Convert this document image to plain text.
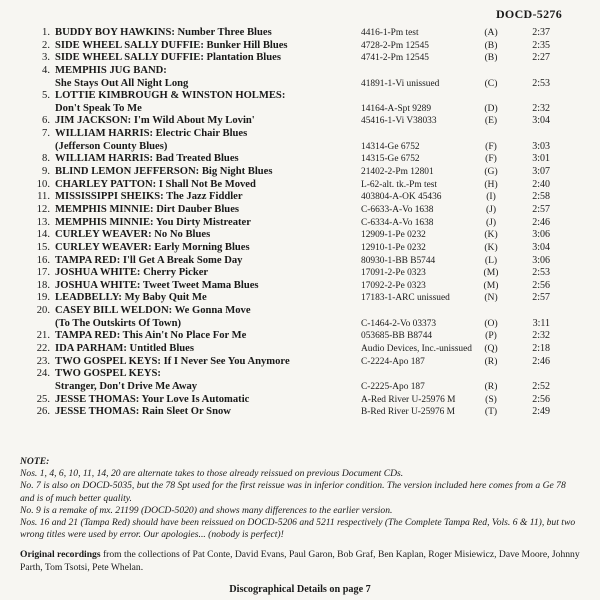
DOCD-5276
1. BUDDY BOY HAWKINS: Number Three Blues	4416-1-Pm test	(A)	2:37
2. SIDE WHEEL SALLY DUFFIE: Bunker Hill Blues	4728-2-Pm 12545	(B)	2:35
3. SIDE WHEEL SALLY DUFFIE: Plantation Blues	4741-2-Pm 12545	(B)	2:27
4. MEMPHIS JUG BAND:
She Stays Out All Night Long	41891-1-Vi unissued	(C)	2:53
5. LOTTIE KIMBROUGH & WINSTON HOLMES:
Don't Speak To Me	14164-A-Spt 9289	(D)	2:32
6. JIM JACKSON: I'm Wild About My Lovin'	45416-1-Vi V38033	(E)	3:04
7. WILLIAM HARRIS: Electric Chair Blues
(Jefferson County Blues)	14314-Ge 6752	(F)	3:03
8. WILLIAM HARRIS: Bad Treated Blues	14315-Ge 6752	(F)	3:01
9. BLIND LEMON JEFFERSON: Big Night Blues	21402-2-Pm 12801	(G)	3:07
10. CHARLEY PATTON: I Shall Not Be Moved	L-62-alt. tk.-Pm test	(H)	2:40
11. MISSISSIPPI SHEIKS: The Jazz Fiddler	403804-A-OK 45436	(I)	2:58
12. MEMPHIS MINNIE: Dirt Dauber Blues	C-6633-A-Vo 1638	(J)	2:57
13. MEMPHIS MINNIE: You Dirty Mistreater	C-6334-A-Vo 1638	(J)	2:46
14. CURLEY WEAVER: No No Blues	12909-1-Pe 0232	(K)	3:06
15. CURLEY WEAVER: Early Morning Blues	12910-1-Pe 0232	(K)	3:04
16. TAMPA RED: I'll Get A Break Some Day	80930-1-BB B5744	(L)	3:06
17. JOSHUA WHITE: Cherry Picker	17091-2-Pe 0323	(M)	2:53
18. JOSHUA WHITE: Tweet Tweet Mama Blues	17092-2-Pe 0323	(M)	2:56
19. LEADBELLY: My Baby Quit Me	17183-1-ARC unissued	(N)	2:57
20. CASEY BILL WELDON: We Gonna Move
(To The Outskirts Of Town)	C-1464-2-Vo 03373	(O)	3:11
21. TAMPA RED: This Ain't No Place For Me	053685-BB B8744	(P)	2:32
22. IDA PARHAM: Untitled Blues	Audio Devices, Inc.-unissued	(Q)	2:18
23. TWO GOSPEL KEYS: If I Never See You Anymore	C-2224-Apo 187	(R)	2:46
24. TWO GOSPEL KEYS:
Stranger, Don't Drive Me Away	C-2225-Apo 187	(R)	2:52
25. JESSE THOMAS: Your Love Is Automatic	A-Red River U-25976 M	(S)	2:56
26. JESSE THOMAS: Rain Sleet Or Snow	B-Red River U-25976 M	(T)	2:49

NOTE:

Nos. 1, 4, 6, 10, 11, 14, 20 are alternate takes to those already reissued on previous Document CDs.

No. 7 is also on DOCD-5035, but the 78 Spt used for the first reissue was in inferior condition. The version included here comes from a Ge 78 and is of much better quality.

No. 9 is a remake of mx. 21199 (DOCD-5020) and shows many differences to the earlier version.

Nos. 16 and 21 (Tampa Red) should have been reissued on DOCD-5206 and 5211 respectively (The Complete Tampa Red, Vols. 6 & 11), but two wrong titles were used by error. Our apologies... (nobody is perfect)!

Original recordings from the collections of Pat Conte, David Evans, Paul Garon, Bob Graf, Ben Kaplan, Roger Misiewicz, Dave Moore, Johnny Parth, Tom Tsotsi, Pete Whelan.

Discographical Details on page 7
